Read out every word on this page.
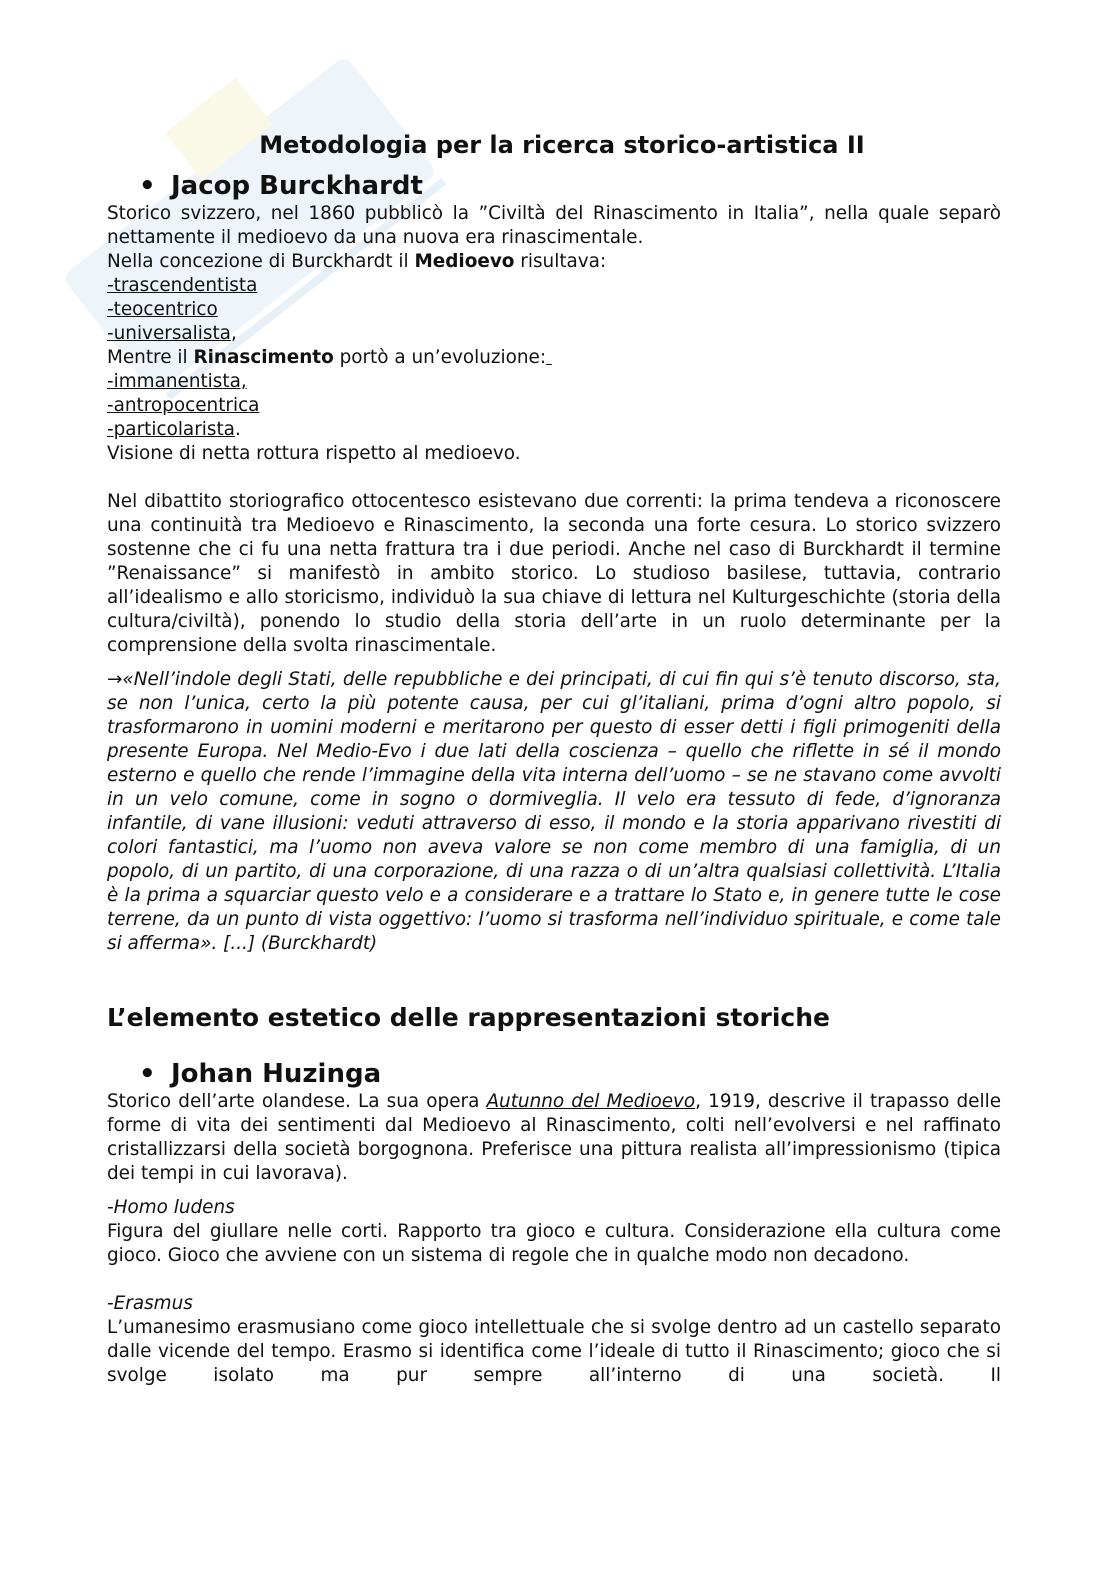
Metodologia per la ricerca storico-artistica II
• Jacop Burckhardt

Storico svizzero, nel 1860 pubblicò la ”Civiltà del Rinascimento in Italia”, nella quale separò nettamente il medioevo da una nuova era rinascimentale.

Nella concezione di Burckhardt il Medioevo risultava:

-trascendentista

-teocentrico

-universalista,

Mentre il Rinascimento portò a un’evoluzione:

-immanentista,

-antropocentrica

-particolarista.

Visione di netta rottura rispetto al medioevo.

Nel dibattito storiografico ottocentesco esistevano due correnti: la prima tendeva a riconoscere una continuità tra Medioevo e Rinascimento, la seconda una forte cesura. Lo storico svizzero sostenne che ci fu una netta frattura tra i due periodi. Anche nel caso di Burckhardt il termine ”Renaissance” si manifestò in ambito storico. Lo studioso basilese, tuttavia, contrario all’idealismo e allo storicismo, individuò la sua chiave di lettura nel Kulturgeschichte (storia della cultura/civiltà), ponendo lo studio della storia dell’arte in un ruolo determinante per la comprensione della svolta rinascimentale.

→«Nell’indole degli Stati, delle repubbliche e dei principati, di cui fin qui s’è tenuto discorso, sta, se non l’unica, certo la più potente causa, per cui gl’italiani, prima d’ogni altro popolo, si trasformarono in uomini moderni e meritarono per questo di esser detti i figli primogeniti della presente Europa. Nel Medio-Evo i due lati della coscienza – quello che riflette in sé il mondo esterno e quello che rende l’immagine della vita interna dell’uomo – se ne stavano come avvolti in un velo comune, come in sogno o dormiveglia. Il velo era tessuto di fede, d’ignoranza infantile, di vane illusioni: veduti attraverso di esso, il mondo e la storia apparivano rivestiti di colori fantastici, ma l’uomo non aveva valore se non come membro di una famiglia, di un popolo, di un partito, di una corporazione, di una razza o di un’altra qualsiasi collettività. L’Italia è la prima a squarciar questo velo e a considerare e a trattare lo Stato e, in genere tutte le cose terrene, da un punto di vista oggettivo: l’uomo si trasforma nell’individuo spirituale, e come tale si afferma». [...] (Burckhardt)

L’elemento estetico delle rappresentazioni storiche
• Johan Huzinga

Storico dell’arte olandese. La sua opera Autunno del Medioevo, 1919, descrive il trapasso delle forme di vita dei sentimenti dal Medioevo al Rinascimento, colti nell’evolversi e nel raffinato cristallizzarsi della società borgognona. Preferisce una pittura realista all’impressionismo (tipica dei tempi in cui lavorava).

-Homo ludens

Figura del giullare nelle corti. Rapporto tra gioco e cultura. Considerazione ella cultura come gioco. Gioco che avviene con un sistema di regole che in qualche modo non decadono.

-Erasmus

L’umanesimo erasmusiano come gioco intellettuale che si svolge dentro ad un castello separato dalle vicende del tempo. Erasmo si identifica come l’ideale di tutto il Rinascimento; gioco che si svolge isolato ma pur sempre all’interno di una società. Il
